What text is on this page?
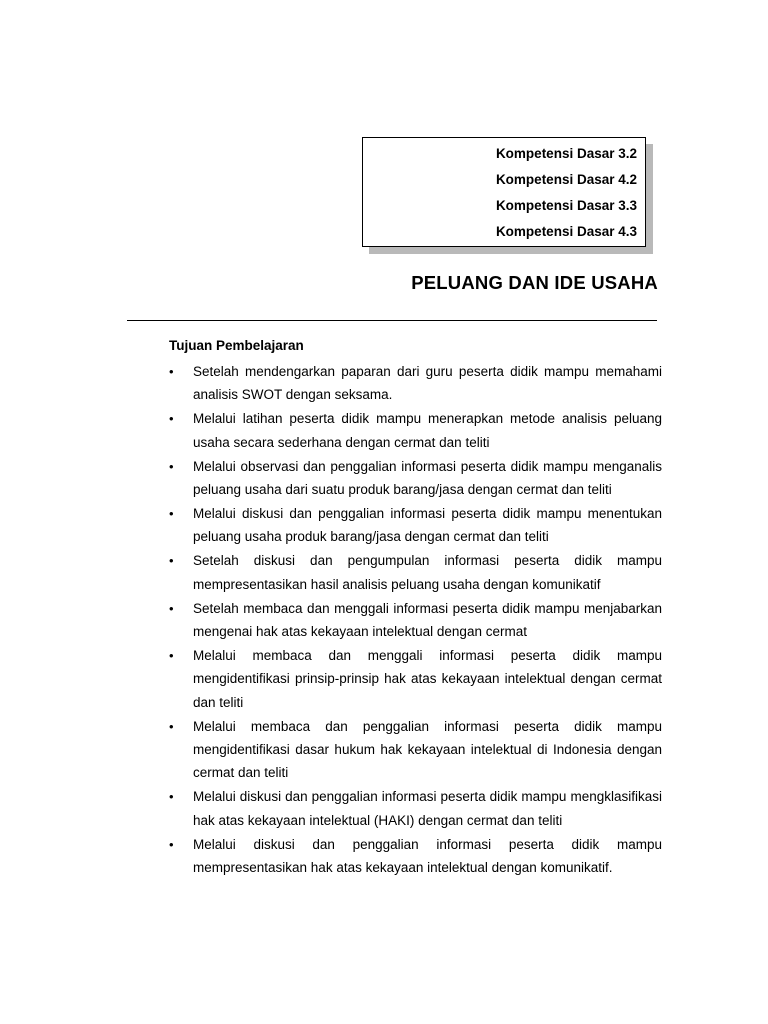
Kompetensi Dasar 3.2
Kompetensi Dasar 4.2
Kompetensi Dasar 3.3
Kompetensi Dasar 4.3
PELUANG DAN IDE USAHA
Tujuan Pembelajaran
• Setelah mendengarkan paparan dari guru peserta didik mampu memahami analisis SWOT dengan seksama.
• Melalui latihan peserta didik mampu menerapkan metode analisis peluang usaha secara sederhana dengan cermat dan teliti
• Melalui observasi dan penggalian informasi peserta didik mampu menganalis peluang usaha dari suatu produk barang/jasa dengan cermat dan teliti
• Melalui diskusi dan penggalian informasi peserta didik mampu menentukan peluang usaha produk barang/jasa dengan cermat dan teliti
• Setelah diskusi dan pengumpulan informasi peserta didik mampu mempresentasikan hasil analisis peluang usaha dengan komunikatif
• Setelah membaca dan menggali informasi peserta didik mampu menjabarkan mengenai hak atas kekayaan intelektual dengan cermat
• Melalui membaca dan menggali informasi peserta didik mampu mengidentifikasi prinsip-prinsip hak atas kekayaan intelektual dengan cermat dan teliti
• Melalui membaca dan penggalian informasi peserta didik mampu mengidentifikasi dasar hukum hak kekayaan intelektual di Indonesia dengan cermat dan teliti
• Melalui diskusi dan penggalian informasi peserta didik mampu mengklasifikasi hak atas kekayaan intelektual (HAKI) dengan cermat dan teliti
• Melalui diskusi dan penggalian informasi peserta didik mampu mempresentasikan hak atas kekayaan intelektual dengan komunikatif.
